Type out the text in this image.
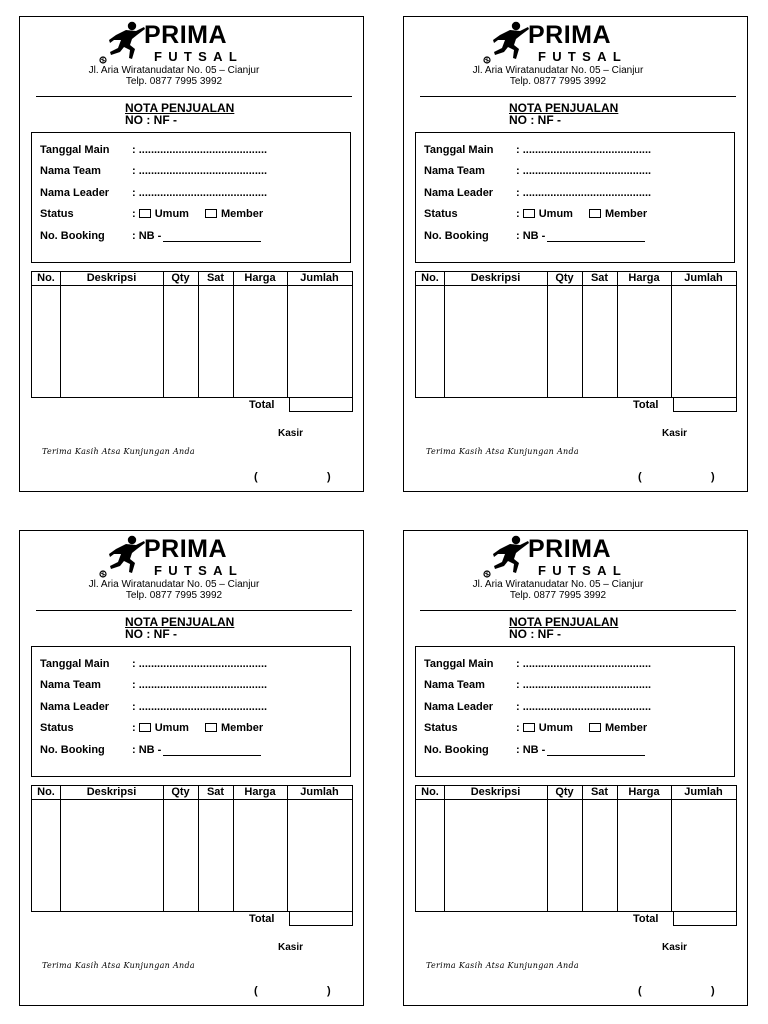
PRIMA
FUTSAL
Jl. Aria Wiratanudatar No. 05 – Cianjur
Telp. 0877 7995 3992
NOTA PENJUALAN
NO : NF -
Tanggal Main : ..........................................
Nama Team	: ..........................................
Nama Leader : ..........................................
Status	: Umum	Member
No. Booking : NB -
No.	Deskripsi	Qty	Sat	Harga	Jumlah
Total
Kasir
Terima Kasih Atsa Kunjungan Anda
(	)
PRIMA
FUTSAL
Jl. Aria Wiratanudatar No. 05 – Cianjur
Telp. 0877 7995 3992
NOTA PENJUALAN
NO : NF -
Tanggal Main : ..........................................
Nama Team	: ..........................................
Nama Leader : ..........................................
Status	: Umum	Member
No. Booking : NB -
No.	Deskripsi	Qty	Sat	Harga	Jumlah
Total
Kasir
Terima Kasih Atsa Kunjungan Anda
(	)
PRIMA
FUTSAL
Jl. Aria Wiratanudatar No. 05 – Cianjur
Telp. 0877 7995 3992
NOTA PENJUALAN
NO : NF -
Tanggal Main : ..........................................
Nama Team	: ..........................................
Nama Leader : ..........................................
Status	: Umum	Member
No. Booking : NB -
No.	Deskripsi	Qty	Sat	Harga	Jumlah
Total
Kasir
Terima Kasih Atsa Kunjungan Anda
(	)
PRIMA
FUTSAL
Jl. Aria Wiratanudatar No. 05 – Cianjur
Telp. 0877 7995 3992
NOTA PENJUALAN
NO : NF -
Tanggal Main : ..........................................
Nama Team	: ..........................................
Nama Leader : ..........................................
Status	: Umum	Member
No. Booking : NB -
No.	Deskripsi	Qty	Sat	Harga	Jumlah
Total
Kasir
Terima Kasih Atsa Kunjungan Anda
(	)
